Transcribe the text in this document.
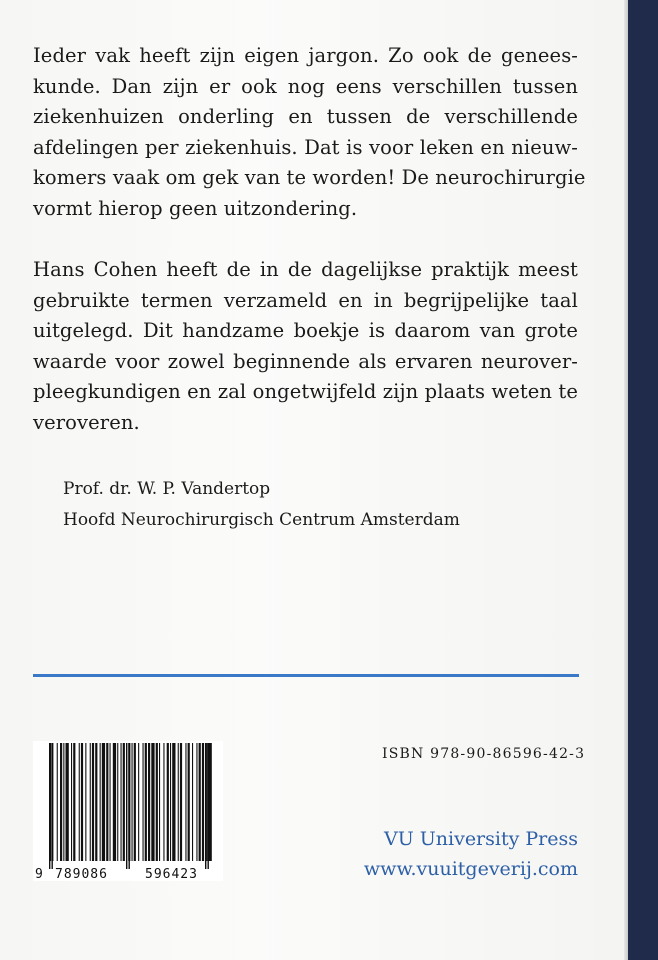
Ieder vak heeft zijn eigen jargon. Zo ook de genees-
kunde. Dan zijn er ook nog eens verschillen tussen
ziekenhuizen onderling en tussen de verschillende
afdelingen per ziekenhuis. Dat is voor leken en nieuw-
komers vaak om gek van te worden! De neurochirurgie
vormt hierop geen uitzondering.

Hans Cohen heeft de in de dagelijkse praktijk meest
gebruikte termen verzameld en in begrijpelijke taal
uitgelegd. Dit handzame boekje is daarom van grote
waarde voor zowel beginnende als ervaren neurover-
pleegkundigen en zal ongetwijfeld zijn plaats weten te
veroveren.

Prof. dr. W. P. Vandertop
Hoofd Neurochirurgisch Centrum Amsterdam
ISBN 978-90-86596-42-3
9 789086	596423
VU University Press
www.vuuitgeverij.com
